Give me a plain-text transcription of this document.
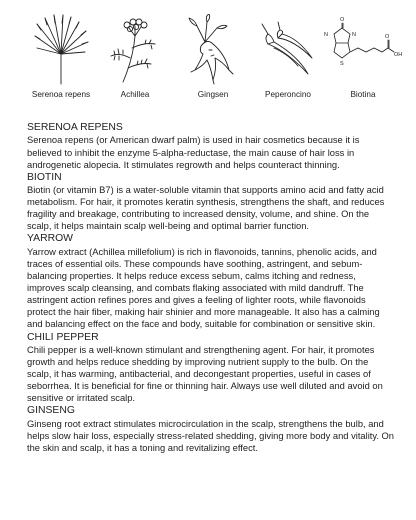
Serenoa repens	Achillea	Gingsen	Peperoncino
N	N
S
O
O
OH
Biotina
SERENOA REPENS

Serenoa repens (or American dwarf palm) is used in hair cosmetics because it is believed to inhibit the enzyme 5-alpha-reductase, the main cause of hair loss in androgenetic alopecia. It stimulates regrowth and helps counteract thinning.

BIOTIN

Biotin (or vitamin B7) is a water-soluble vitamin that supports amino acid and fatty acid metabolism. For hair, it promotes keratin synthesis, strengthens the shaft, and reduces fragility and breakage, contributing to increased density, volume, and shine. On the scalp, it helps maintain scalp well-being and optimal barrier function.

YARROW

Yarrow extract (Achillea millefolium) is rich in flavonoids, tannins, phenolic acids, and traces of essential oils. These compounds have soothing, astringent, and sebum-balancing properties. It helps reduce excess sebum, calms itching and redness, improves scalp cleansing, and combats flaking associated with mild dandruff. The astringent action refines pores and gives a feeling of lighter roots, while flavonoids protect the hair fiber, making hair shinier and more manageable. It also has a calming and balancing effect on the face and body, suitable for combination or sensitive skin.

CHILI PEPPER

Chili pepper is a well-known stimulant and strengthening agent. For hair, it promotes growth and helps reduce shedding by improving nutrient supply to the bulb. On the scalp, it has warming, antibacterial, and decongestant properties, useful in cases of seborrhea. It is beneficial for fine or thinning hair. Always use well diluted and avoid on sensitive or irritated scalp.

GINSENG

Ginseng root extract stimulates microcirculation in the scalp, strengthens the bulb, and helps slow hair loss, especially stress-related shedding, giving more body and vitality. On the skin and scalp, it has a toning and revitalizing effect.
